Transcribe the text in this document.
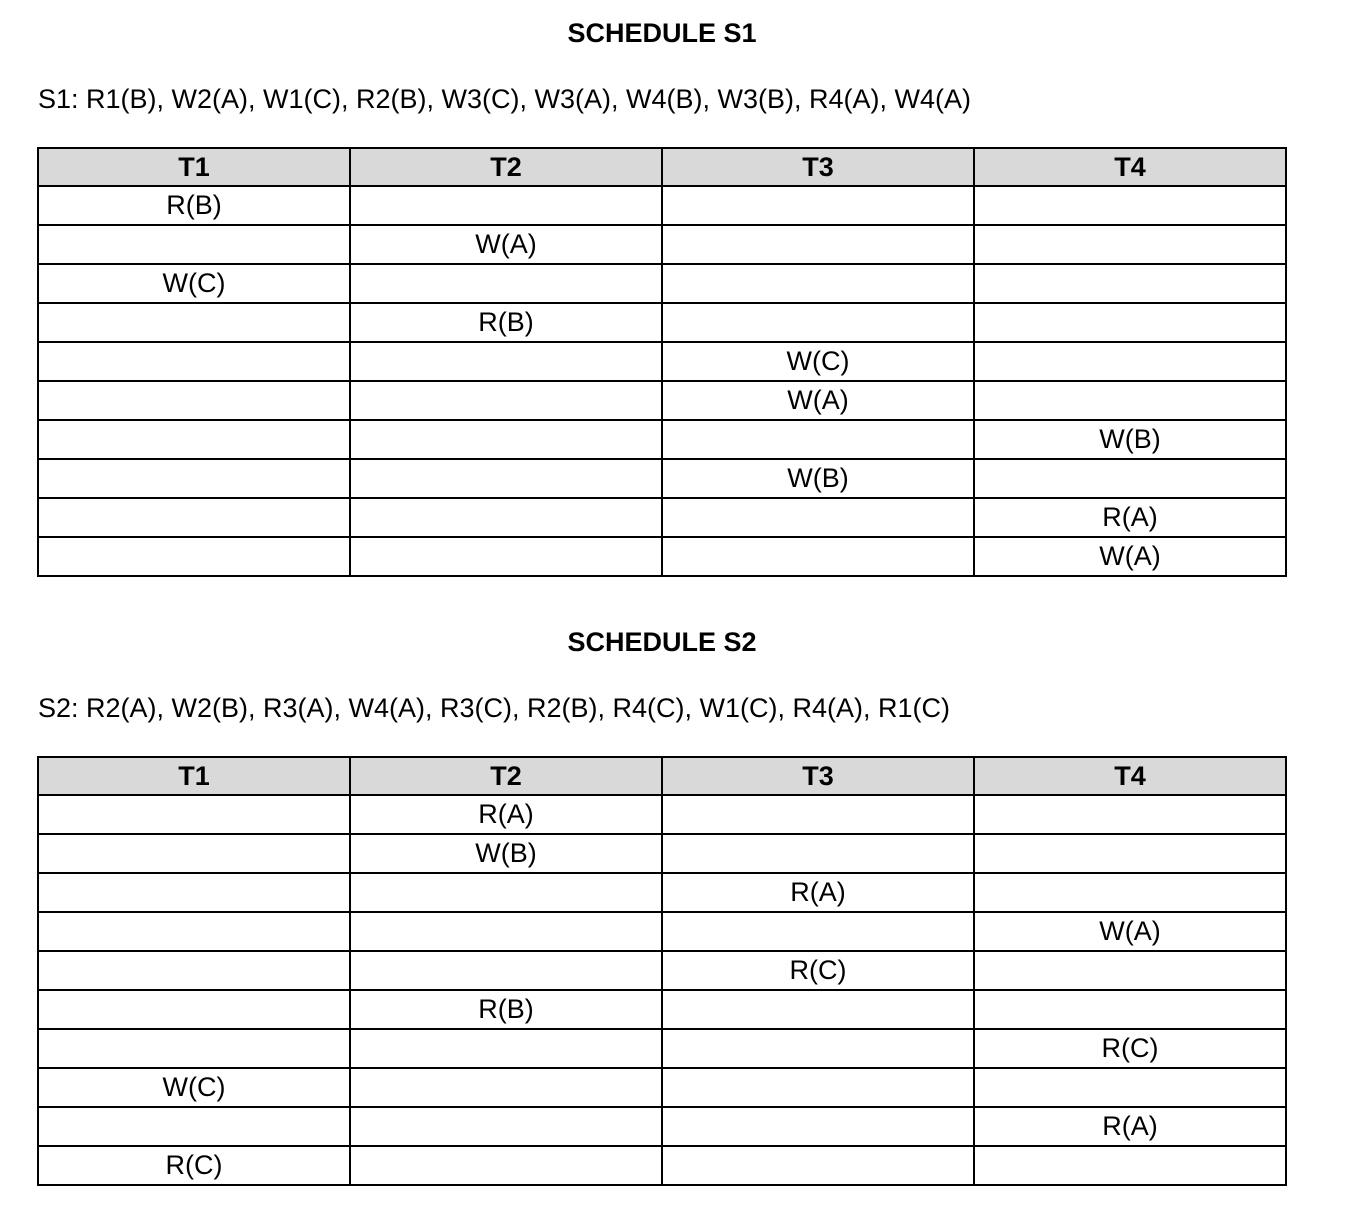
SCHEDULE S1
S1: R1(B), W2(A), W1(C), R2(B), W3(C), W3(A), W4(B), W3(B), R4(A), W4(A)
T1	T2	T3	T4
R(B)			
	W(A)		
W(C)			
	R(B)		
		W(C)	
		W(A)	
			W(B)
		W(B)	
			R(A)
			W(A)
SCHEDULE S2
S2: R2(A), W2(B), R3(A), W4(A), R3(C), R2(B), R4(C), W1(C), R4(A), R1(C)
T1	T2	T3	T4
	R(A)		
	W(B)		
		R(A)	
			W(A)
		R(C)	
	R(B)		
			R(C)
W(C)			
			R(A)
R(C)			
